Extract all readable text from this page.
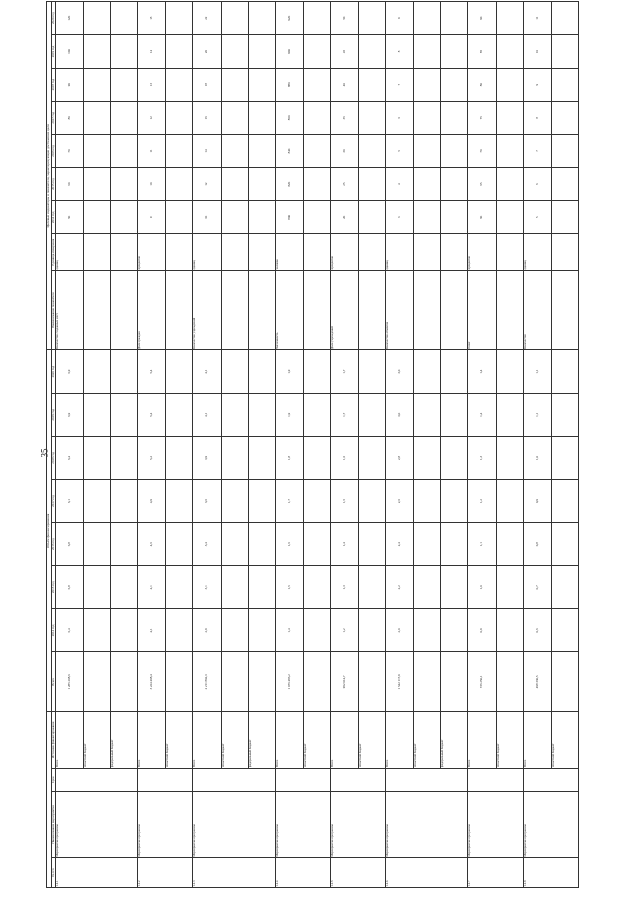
35
				Объем финансирования								Целевые индикаторы и показатели, характеризующие достижение цели								
№ п/п	Наименование мероприятия	Срок	Источник финансирования	Всего	2014 год	2015 год	2016 год	2017 год	2018 год	2019 год	2020 год	Наименование показателя	Единица измерения	2014 год	2015 год	2016 год	2017 год	2018 год	2019 год	2020 год
1.2.1	Мероприятие программы		Всего	1 285 208,6	6,4	6,8	6,8	6,1	6,4	6,9	6,9	Количество созданных мест	единиц	50	60	70	80	90	100	120
			областной бюджет																	
			федеральный бюджет																	
1.2.2	Мероприятие программы		Всего	3 224 408,4	4,1	4,1	4,6	4,9	5,2	5,4	5,4	Доля граждан	процентов	9	10	11	12	13	14	15
			областной бюджет																	
1.2.3	Мероприятие программы		Всего	2 211 802,3	2,9	3,1	3,4	3,6	3,9	4,1	4,1	Количество учреждений	единиц	10	12	14	16	18	20	22
			областной бюджет																	
			федеральный бюджет																	
1.2.4	Мероприятие программы		Всего	1 076 483,2	1,4	1,5	1,6	1,7	1,8	1,9	1,9	Численность	человек	800	820	840	860	880	900	920
			областной бюджет																	
1.2.5	Мероприятие программы		Всего	962 014,7	1,2	1,3	1,4	1,5	1,6	1,7	1,7	Доля учреждений	процентов	20	25	30	35	40	45	50
			областной бюджет																	
1.2.6	Мероприятие программы		Всего	1 542 117,9	2,0	2,2	2,4	2,6	2,8	3,0	3,0	Количество объектов	единиц	3	4	5	6	7	8	9
			областной бюджет																	
			федеральный бюджет																	
1.2.7	Мероприятие программы		Всего	736 250,1	0,9	1,0	1,1	1,2	1,3	1,4	1,4	Охват	процентов	60	65	70	75	80	85	90
			областной бюджет																	
1.2.8	Мероприятие программы		Всего	498 330,5	0,6	0,7	0,8	0,9	1,0	1,1	1,1	Количество	единиц	5	6	7	8	9	10	11
			областной бюджет																	
